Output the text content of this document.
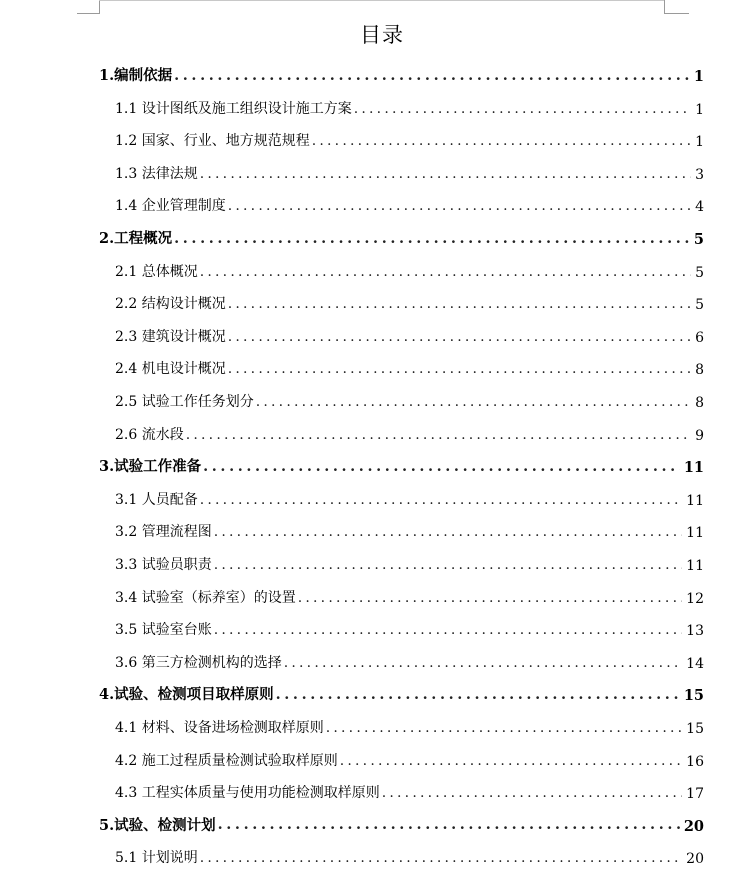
目录
1.编制依据 .....	1
1.1 设计图纸及施工组织设计施工方案 .....	1
1.2 国家、行业、地方规范规程 .....	1
1.3 法律法规 .....	3
1.4 企业管理制度 .....	4
2.工程概况 .....	5
2.1 总体概况 .....	5
2.2 结构设计概况 .....	5
2.3 建筑设计概况 .....	6
2.4 机电设计概况 .....	8
2.5 试验工作任务划分 .....	8
2.6 流水段 .....	9
3.试验工作准备 .....	11
3.1 人员配备 .....	11
3.2 管理流程图 .....	11
3.3 试验员职责 .....	11
3.4 试验室（标养室）的设置 .....	12
3.5 试验室台账 .....	13
3.6 第三方检测机构的选择 .....	14
4.试验、检测项目取样原则 .....	15
4.1 材料、设备进场检测取样原则 .....	15
4.2 施工过程质量检测试验取样原则 .....	16
4.3 工程实体质量与使用功能检测取样原则 .....	17
5.试验、检测计划 .....	20
5.1 计划说明 .....	20
